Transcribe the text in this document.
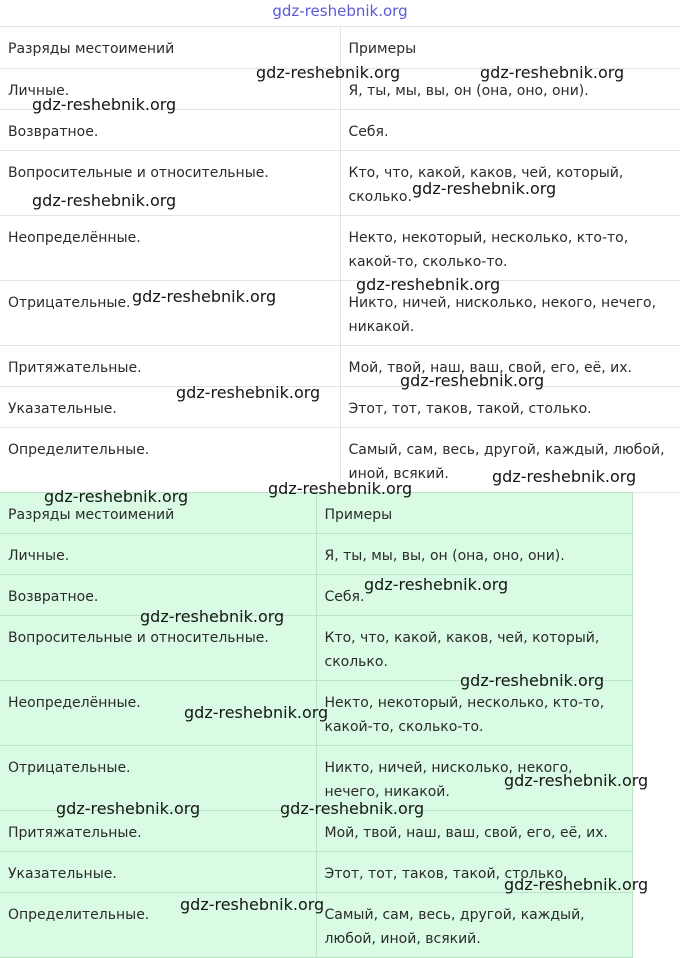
gdz-reshebnik.org
Разряды местоимений	Примеры
Личные.	Я, ты, мы, вы, он (она, оно, они).
Возвратное.	Себя.
Вопросительные и относительные.	Кто, что, какой, каков, чей, который, сколько.
Неопределённые.	Некто, некоторый, несколько, кто-то, какой-то, сколько-то.
Отрицательные.	Никто, ничей, нисколько, некого, нечего, никакой.
Притяжательные.	Мой, твой, наш, ваш, свой, его, её, их.
Указательные.	Этот, тот, таков, такой, столько.
Определительные.	Самый, сам, весь, другой, каждый, любой, иной, всякий.
Разряды местоимений	Примеры
Личные.	Я, ты, мы, вы, он (она, оно, они).
Возвратное.	Себя.
Вопросительные и относительные.	Кто, что, какой, каков, чей, который, сколько.
Неопределённые.	Некто, некоторый, несколько, кто-то, какой-то, сколько-то.
Отрицательные.	Никто, ничей, нисколько, некого, нечего, никакой.
Притяжательные.	Мой, твой, наш, ваш, свой, его, её, их.
Указательные.	Этот, тот, таков, такой, столько.
Определительные.	Самый, сам, весь, другой, каждый, любой, иной, всякий.
gdz-reshebnik.org	gdz-reshebnik.org
gdz-reshebnik.org
gdz-reshebnik.org
gdz-reshebnik.org
gdz-reshebnik.org
gdz-reshebnik.org
gdz-reshebnik.org
gdz-reshebnik.org
gdz-reshebnik.org
gdz-reshebnik.org
gdz-reshebnik.org
gdz-reshebnik.org
gdz-reshebnik.org
gdz-reshebnik.org
gdz-reshebnik.org
gdz-reshebnik.org
gdz-reshebnik.org	gdz-reshebnik.org
gdz-reshebnik.org
gdz-reshebnik.org
